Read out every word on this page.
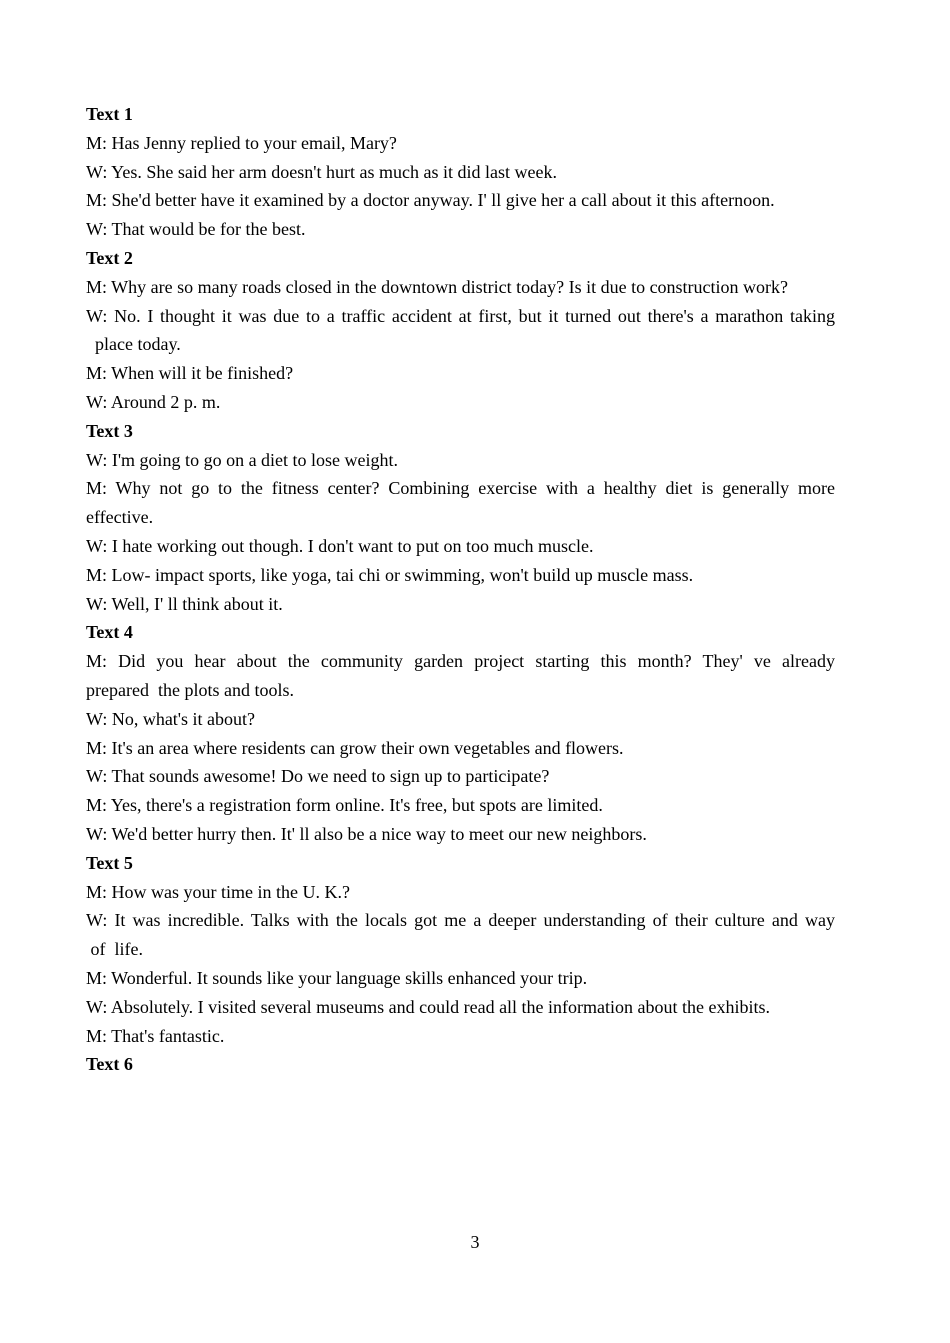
Text 1

M: Has Jenny replied to your email, Mary?

W: Yes. She said her arm doesn't hurt as much as it did last week.

M: She'd better have it examined by a doctor anyway. I' ll give her a call about it this afternoon.

W: That would be for the best.

Text 2

M: Why are so many roads closed in the downtown district today? Is it due to construction work?

W: No. I thought it was due to a traffic accident at first, but it turned out there's a marathon taking

place today.

M: When will it be finished?

W: Around 2 p. m.

Text 3

W: I'm going to go on a diet to lose weight.

M: Why not go to the fitness center? Combining exercise with a healthy diet is generally more

effective.

W: I hate working out though. I don't want to put on too much muscle.

M: Low- impact sports, like yoga, tai chi or swimming, won't build up muscle mass.

W: Well, I' ll think about it.

Text 4

M: Did you hear about the community garden project starting this month? They' ve already

prepared  the plots and tools.

W: No, what's it about?

M: It's an area where residents can grow their own vegetables and flowers.

W: That sounds awesome! Do we need to sign up to participate?

M: Yes, there's a registration form online. It's free, but spots are limited.

W: We'd better hurry then. It' ll also be a nice way to meet our new neighbors.

Text 5

M: How was your time in the U. K.?

W: It was incredible. Talks with the locals got me a deeper understanding of their culture and way

of  life.

M: Wonderful. It sounds like your language skills enhanced your trip.

W: Absolutely. I visited several museums and could read all the information about the exhibits.

M: That's fantastic.

Text 6

3
